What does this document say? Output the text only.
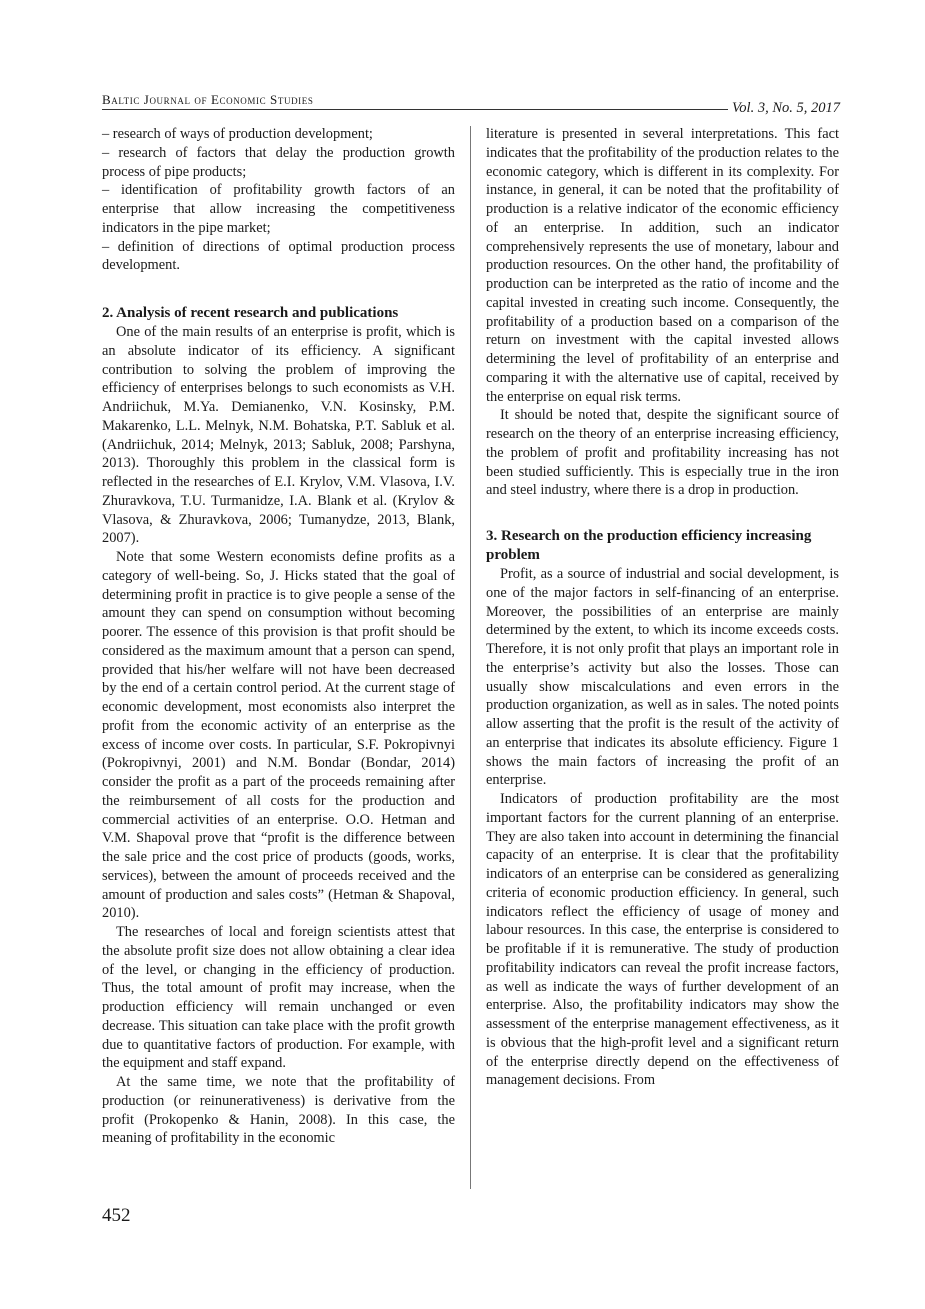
Baltic Journal of Economic Studies
Vol. 3, No. 5, 2017

– research of ways of production development;

– research of factors that delay the production growth process of pipe products;

– identification of profitability growth factors of an enterprise that allow increasing the competitiveness indicators in the pipe market;

– definition of directions of optimal production process development.

2. Analysis of recent research and publications

One of the main results of an enterprise is profit, which is an absolute indicator of its efficiency. A significant contribution to solving the problem of improving the efficiency of enterprises belongs to such economists as V.H. Andriichuk, M.Ya. Demianenko, V.N. Kosinsky, P.M. Makarenko, L.L. Melnyk, N.M. Bohatska, P.T. Sabluk et al. (Andriichuk, 2014; Melnyk, 2013; Sabluk, 2008; Parshyna, 2013). Thoroughly this problem in the classical form is reflected in the researches of E.I. Krylov, V.M. Vlasova, I.V. Zhuravkova, T.U. Turmanidze, I.A. Blank et al. (Krylov & Vlasova, & Zhuravkova, 2006; Tumanydze, 2013, Blank, 2007).

Note that some Western economists define profits as a category of well-being. So, J. Hicks stated that the goal of determining profit in practice is to give people a sense of the amount they can spend on consumption without becoming poorer. The essence of this provision is that profit should be considered as the maximum amount that a person can spend, provided that his/her welfare will not have been decreased by the end of a certain control period. At the current stage of economic development, most economists also interpret the profit from the economic activity of an enterprise as the excess of income over costs. In particular, S.F. Pokropivnyi (Pokropivnyi, 2001) and N.M. Bondar (Bondar, 2014) consider the profit as a part of the proceeds remaining after the reimbursement of all costs for the production and commercial activities of an enterprise. O.O. Hetman and V.M. Shapoval prove that “profit is the difference between the sale price and the cost price of products (goods, works, services), between the amount of proceeds received and the amount of production and sales costs” (Hetman & Shapoval, 2010).

The researches of local and foreign scientists attest that the absolute profit size does not allow obtaining a clear idea of the level, or changing in the efficiency of production. Thus, the total amount of profit may increase, when the production efficiency will remain unchanged or even decrease. This situation can take place with the profit growth due to quantitative factors of production. For example, with the equipment and staff expand.

At the same time, we note that the profitability of production (or reinunerativeness) is derivative from the profit (Prokopenko & Hanin, 2008). In this case, the meaning of profitability in the economic

literature is presented in several interpretations. This fact indicates that the profitability of the production relates to the economic category, which is different in its complexity. For instance, in general, it can be noted that the profitability of production is a relative indicator of the economic efficiency of an enterprise. In addition, such an indicator comprehensively represents the use of monetary, labour and production resources. On the other hand, the profitability of production can be interpreted as the ratio of income and the capital invested in creating such income. Consequently, the profitability of a production based on a comparison of the return on investment with the capital invested allows determining the level of profitability of an enterprise and comparing it with the alternative use of capital, received by the enterprise on equal risk terms.

It should be noted that, despite the significant source of research on the theory of an enterprise increasing efficiency, the problem of profit and profitability increasing has not been studied sufficiently. This is especially true in the iron and steel industry, where there is a drop in production.

3. Research on the production efficiency increasing problem

Profit, as a source of industrial and social development, is one of the major factors in self-financing of an enterprise. Moreover, the possibilities of an enterprise are mainly determined by the extent, to which its income exceeds costs. Therefore, it is not only profit that plays an important role in the enterprise’s activity but also the losses. Those can usually show miscalculations and even errors in the production organization, as well as in sales. The noted points allow asserting that the profit is the result of the activity of an enterprise that indicates its absolute efficiency. Figure 1 shows the main factors of increasing the profit of an enterprise.

Indicators of production profitability are the most important factors for the current planning of an enterprise. They are also taken into account in determining the financial capacity of an enterprise. It is clear that the profitability indicators of an enterprise can be considered as generalizing criteria of economic production efficiency. In general, such indicators reflect the efficiency of usage of money and labour resources. In this case, the enterprise is considered to be profitable if it is remunerative. The study of production profitability indicators can reveal the profit increase factors, as well as indicate the ways of further development of an enterprise. Also, the profitability indicators may show the assessment of the enterprise management effectiveness, as it is obvious that the high-profit level and a significant return of the enterprise directly depend on the effectiveness of management decisions. From

452
